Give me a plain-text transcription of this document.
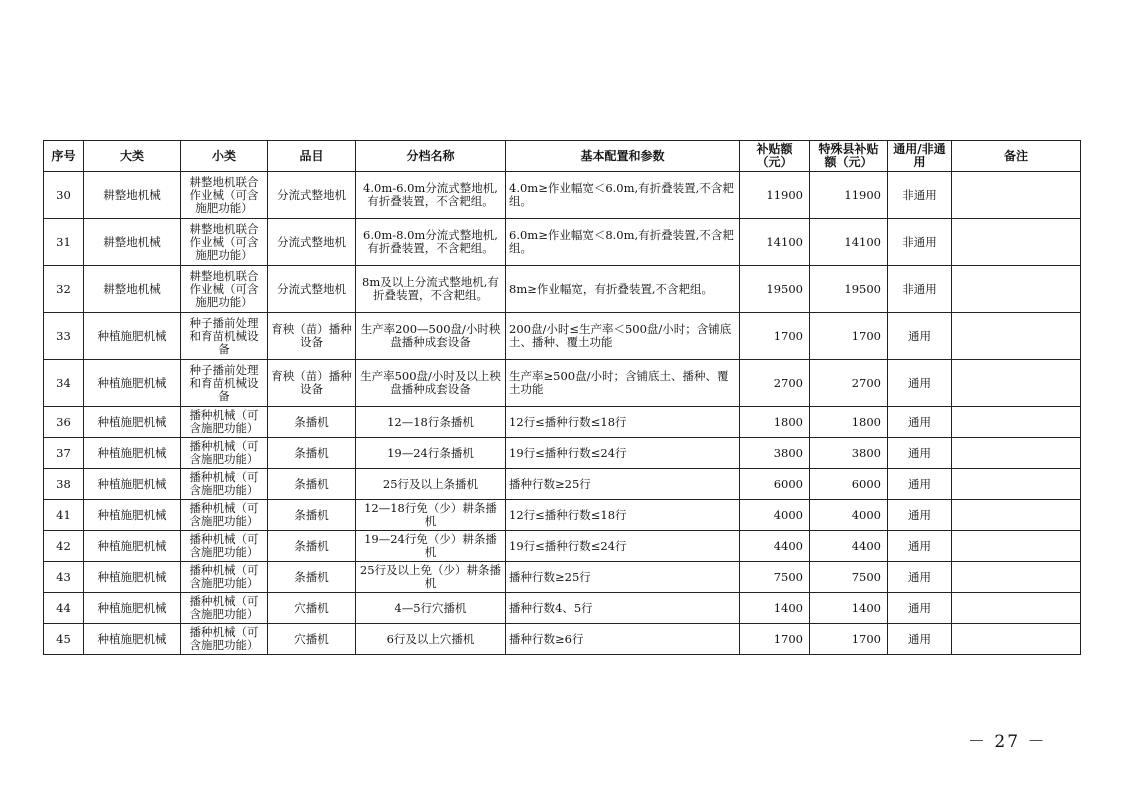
序号	大类	小类	品目	分档名称	基本配置和参数	补贴额（元）	特殊县补贴额（元）	通用/非通用	备注
30	耕整地机械	耕整地机联合作业械（可含施肥功能）	分流式整地机	4.0m-6.0m分流式整地机,有折叠装置，不含耙组。	4.0m≥作业幅宽＜6.0m,有折叠装置,不含耙组。	11900	11900	非通用	
31	耕整地机械	耕整地机联合作业械（可含施肥功能）	分流式整地机	6.0m-8.0m分流式整地机,有折叠装置，不含耙组。	6.0m≥作业幅宽＜8.0m,有折叠装置,不含耙组。	14100	14100	非通用	
32	耕整地机械	耕整地机联合作业械（可含施肥功能）	分流式整地机	8m及以上分流式整地机,有折叠装置，不含耙组。	8m≥作业幅宽，有折叠装置,不含耙组。	19500	19500	非通用	
33	种植施肥机械	种子播前处理和育苗机械设备	育秧（苗）播种设备	生产率200—500盘/小时秧盘播种成套设备	200盘/小时≤生产率＜500盘/小时；含铺底土、播种、覆土功能	1700	1700	通用	
34	种植施肥机械	种子播前处理和育苗机械设备	育秧（苗）播种设备	生产率500盘/小时及以上秧盘播种成套设备	生产率≥500盘/小时；含铺底土、播种、覆土功能	2700	2700	通用	
36	种植施肥机械	播种机械（可含施肥功能）	条播机	12—18行条播机	12行≤播种行数≤18行	1800	1800	通用	
37	种植施肥机械	播种机械（可含施肥功能）	条播机	19—24行条播机	19行≤播种行数≤24行	3800	3800	通用	
38	种植施肥机械	播种机械（可含施肥功能）	条播机	25行及以上条播机	播种行数≥25行	6000	6000	通用	
41	种植施肥机械	播种机械（可含施肥功能）	条播机	12—18行免（少）耕条播机	12行≤播种行数≤18行	4000	4000	通用	
42	种植施肥机械	播种机械（可含施肥功能）	条播机	19—24行免（少）耕条播机	19行≤播种行数≤24行	4400	4400	通用	
43	种植施肥机械	播种机械（可含施肥功能）	条播机	25行及以上免（少）耕条播机	播种行数≥25行	7500	7500	通用	
44	种植施肥机械	播种机械（可含施肥功能）	穴播机	4—5行穴播机	播种行数4、5行	1400	1400	通用	
45	种植施肥机械	播种机械（可含施肥功能）	穴播机	6行及以上穴播机	播种行数≥6行	1700	1700	通用	
－ 27 －
